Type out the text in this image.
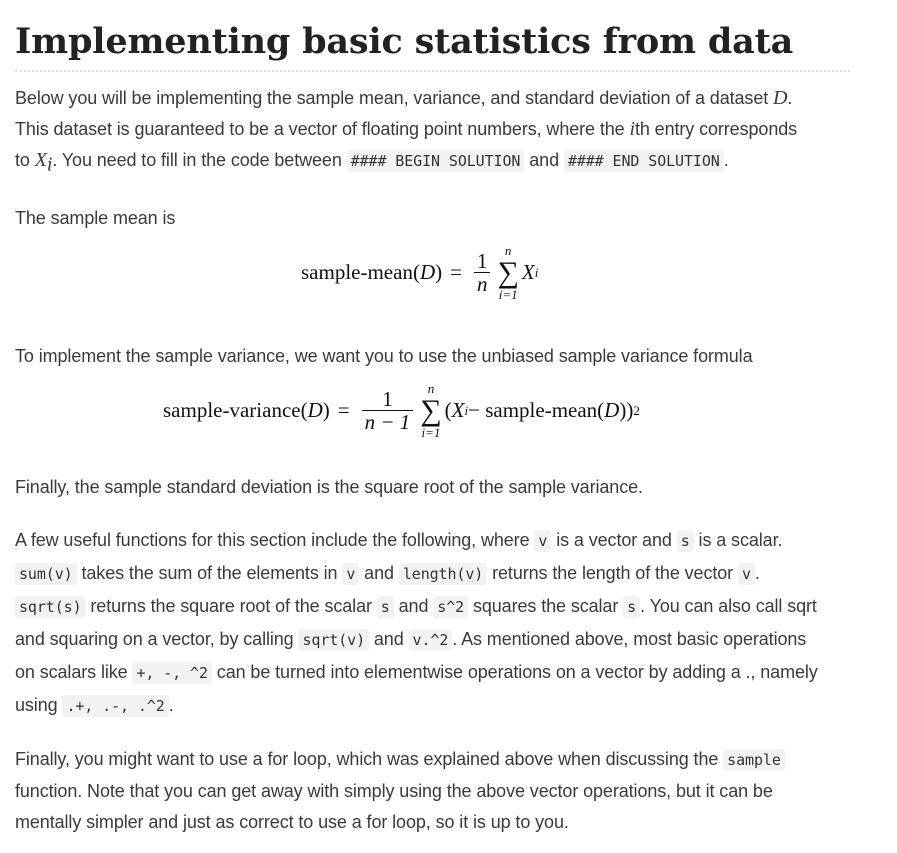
Implementing basic statistics from data

Below you will be implementing the sample mean, variance, and standard deviation of a dataset D.
This dataset is guaranteed to be a vector of floating point numbers, where the ith entry corresponds
to $X_i$. You need to fill in the code between #### BEGIN SOLUTION and #### END SOLUTION .

The sample mean is

sample-mean( D ) = $\frac{1}{n}$ n
∑
i=1
X i

To implement the sample variance, we want you to use the unbiased sample variance formula

sample-variance( D ) = $\frac{1}{n - 1}$ n
∑
i=1
( X i − sample-mean( D )) 2

Finally, the sample standard deviation is the square root of the sample variance.

A few useful functions for this section include the following, where v is a vector and s is a scalar.
sum(v) takes the sum of the elements in v and length(v) returns the length of the vector v .
sqrt(s) returns the square root of the scalar s and s^2 squares the scalar s . You can also call sqrt
and squaring on a vector, by calling sqrt(v) and v.^2 . As mentioned above, most basic operations
on scalars like +, -, ^2 can be turned into elementwise operations on a vector by adding a ., namely
using .+, .-, .^2 .

Finally, you might want to use a for loop, which was explained above when discussing the sample
function. Note that you can get away with simply using the above vector operations, but it can be
mentally simpler and just as correct to use a for loop, so it is up to you.
